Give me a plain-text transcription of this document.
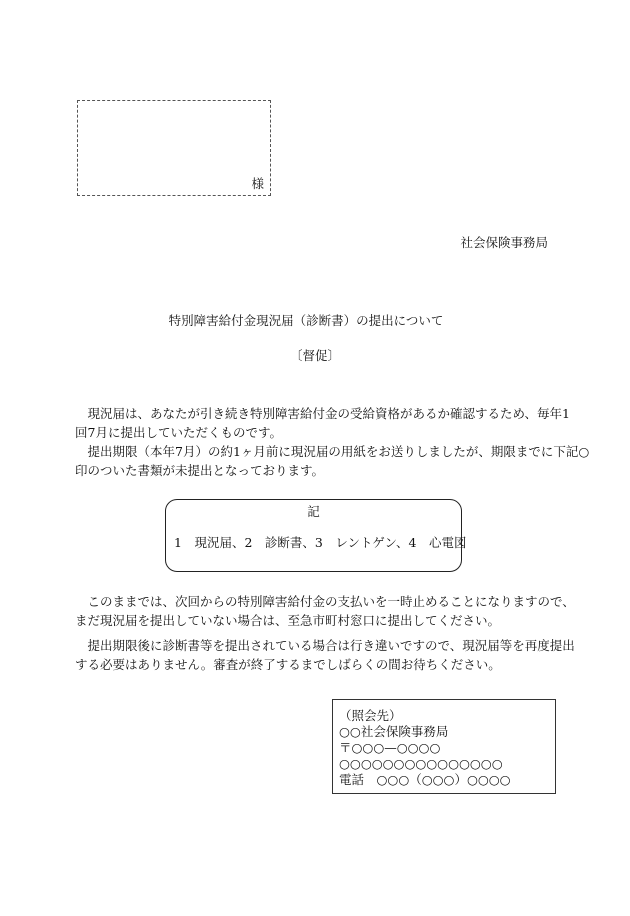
様
社会保険事務局
特別障害給付金現況届（診断書）の提出について
〔督促〕
　現況届は、あなたが引き続き特別障害給付金の受給資格があるか確認するため、毎年1
回7月に提出していただくものです。
　提出期限（本年7月）の約1ヶ月前に現況届の用紙をお送りしましたが、期限までに下記○
印のついた書類が未提出となっております。
記
1　現況届、2　診断書、3　レントゲン、4　心電図
　このままでは、次回からの特別障害給付金の支払いを一時止めることになりますので、
まだ現況届を提出していない場合は、至急市町村窓口に提出してください。
　提出期限後に診断書等を提出されている場合は行き違いですので、現況届等を再度提出
する必要はありません。審査が終了するまでしばらくの間お待ちください。
（照会先）
○○社会保険事務局
〒○○○—○○○○
○○○○○○○○○○○○○○○
電話　○○○（○○○）○○○○
